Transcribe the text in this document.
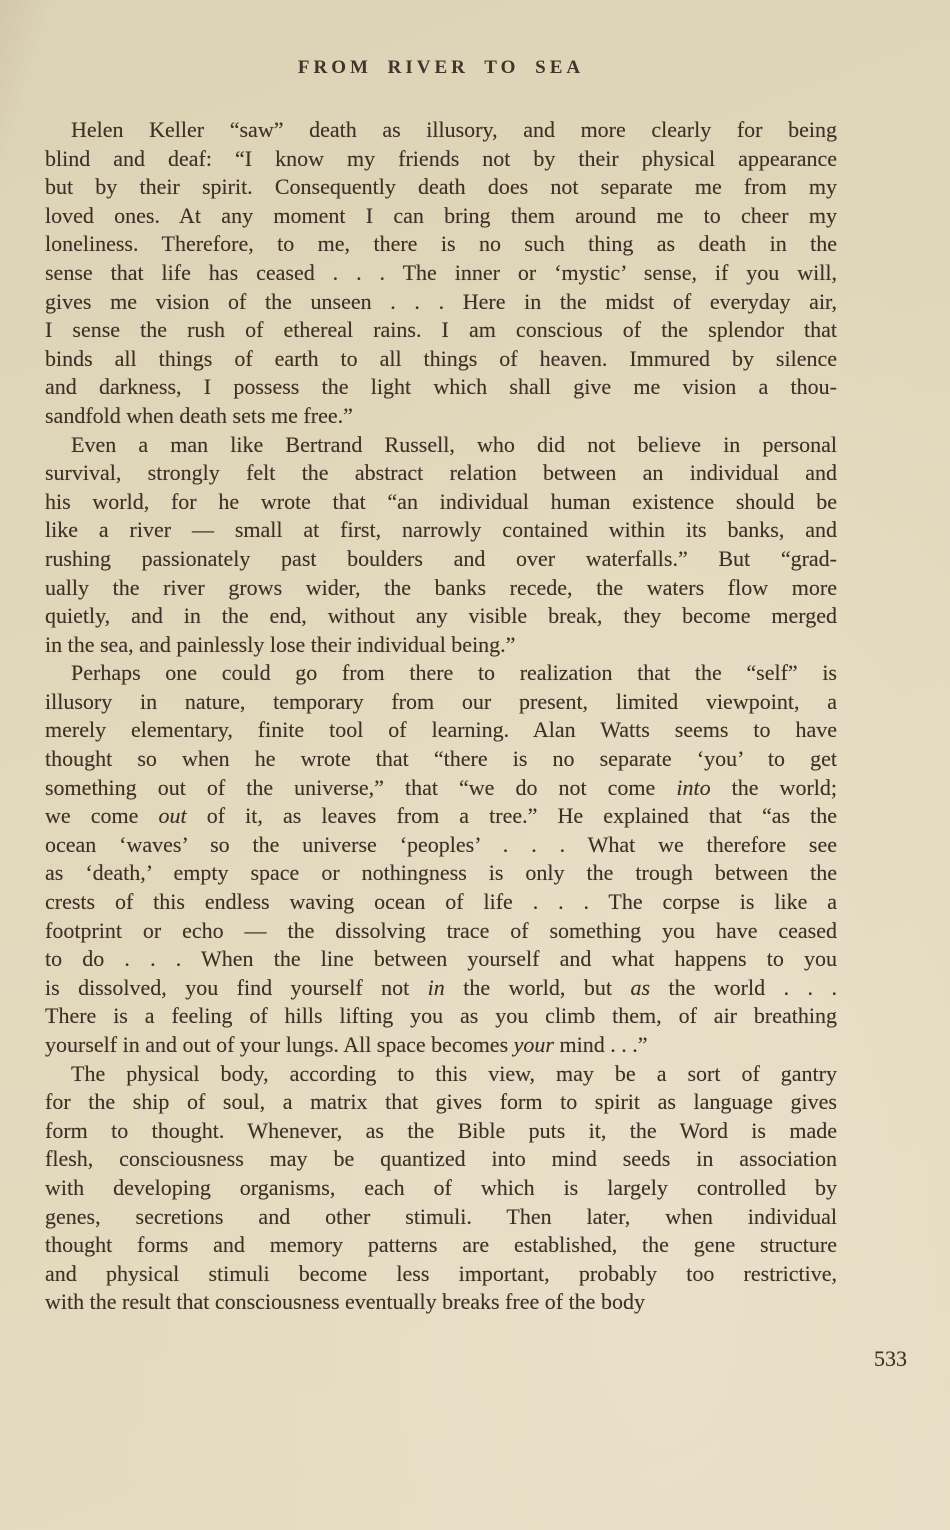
FROM RIVER TO SEA
Helen Keller “saw” death as illusory, and more clearly for being
blind and deaf: “I know my friends not by their physical appearance
but by their spirit. Consequently death does not separate me from my
loved ones. At any moment I can bring them around me to cheer my
loneliness. Therefore, to me, there is no such thing as death in the
sense that life has ceased . . . The inner or ‘mystic’ sense, if you will,
gives me vision of the unseen . . . Here in the midst of everyday air,
I sense the rush of ethereal rains. I am conscious of the splendor that
binds all things of earth to all things of heaven. Immured by silence
and darkness, I possess the light which shall give me vision a thou-
sandfold when death sets me free.”
Even a man like Bertrand Russell, who did not believe in personal
survival, strongly felt the abstract relation between an individual and
his world, for he wrote that “an individual human existence should be
like a river — small at first, narrowly contained within its banks, and
rushing passionately past boulders and over waterfalls.” But “grad-
ually the river grows wider, the banks recede, the waters flow more
quietly, and in the end, without any visible break, they become merged
in the sea, and painlessly lose their individual being.”
Perhaps one could go from there to realization that the “self” is
illusory in nature, temporary from our present, limited viewpoint, a
merely elementary, finite tool of learning. Alan Watts seems to have
thought so when he wrote that “there is no separate ‘you’ to get
something out of the universe,” that “we do not come into the world;
we come out of it, as leaves from a tree.” He explained that “as the
ocean ‘waves’ so the universe ‘peoples’ . . . What we therefore see
as ‘death,’ empty space or nothingness is only the trough between the
crests of this endless waving ocean of life . . . The corpse is like a
footprint or echo — the dissolving trace of something you have ceased
to do . . . When the line between yourself and what happens to you
is dissolved, you find yourself not in the world, but as the world . . .
There is a feeling of hills lifting you as you climb them, of air breathing
yourself in and out of your lungs. All space becomes your mind . . .”
The physical body, according to this view, may be a sort of gantry
for the ship of soul, a matrix that gives form to spirit as language gives
form to thought. Whenever, as the Bible puts it, the Word is made
flesh, consciousness may be quantized into mind seeds in association
with developing organisms, each of which is largely controlled by
genes, secretions and other stimuli. Then later, when individual
thought forms and memory patterns are established, the gene structure
and physical stimuli become less important, probably too restrictive,
with the result that consciousness eventually breaks free of the body
533
